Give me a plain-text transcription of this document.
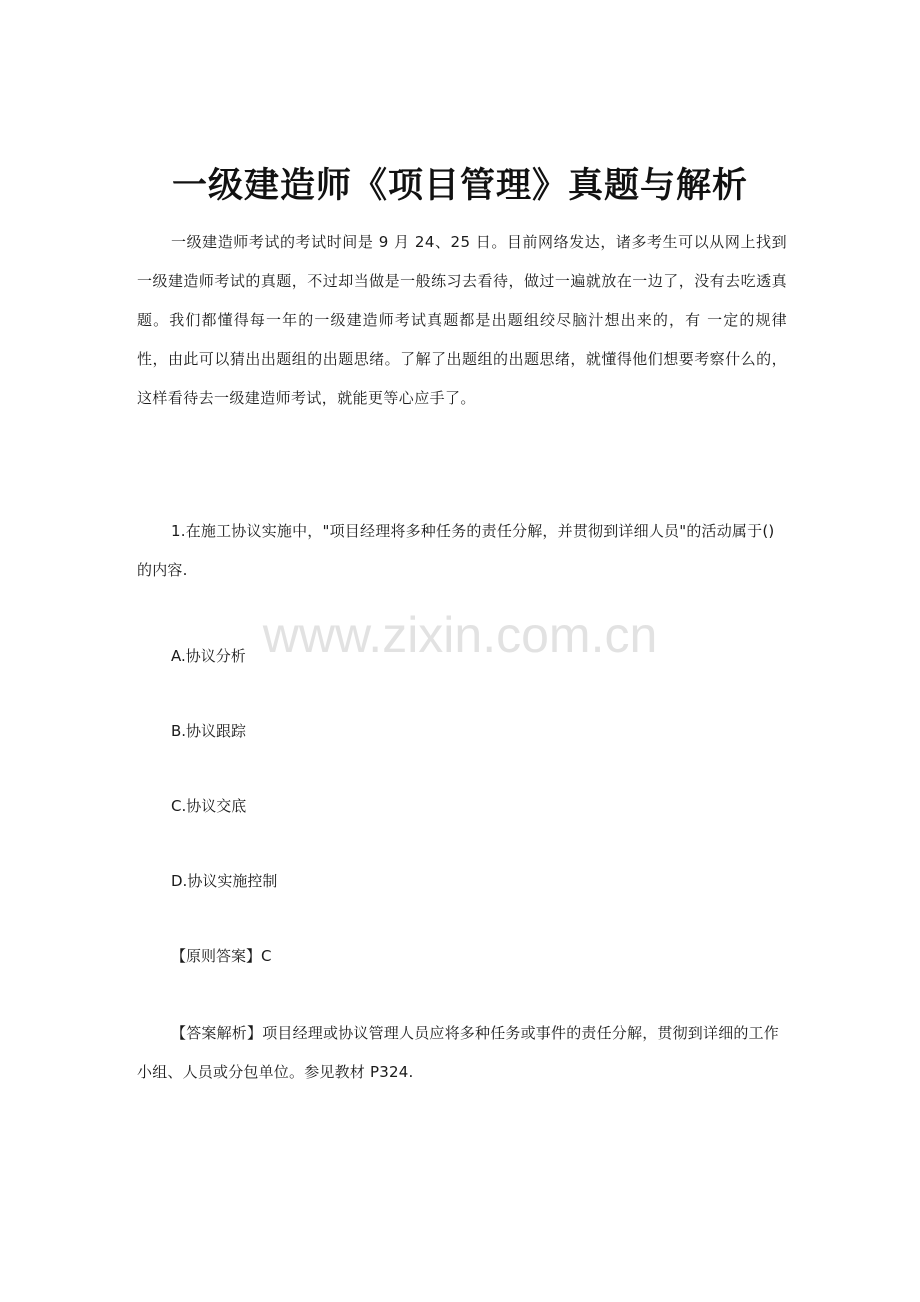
一级建造师《项目管理》真题与解析

一级建造师考试的考试时间是 9 月 24、25 日。目前网络发达，诸多考生可以从网上找到一级建造师考试的真题，不过却当做是一般练习去看待，做过一遍就放在一边了，没有去吃透真题。我们都懂得每一年的一级建造师考试真题都是出题组绞尽脑汁想出来的，有 一定的规律性，由此可以猜出出题组的出题思绪。了解了出题组的出题思绪，就懂得他们想要考察什么的，这样看待去一级建造师考试，就能更等心应手了。

1.在施工协议实施中，"项目经理将多种任务的责任分解，并贯彻到详细人员"的活动属于()的内容.

A.协议分析

B.协议跟踪

C.协议交底

D.协议实施控制

【原则答案】C

【答案解析】项目经理或协议管理人员应将多种任务或事件的责任分解，贯彻到详细的工作小组、人员或分包单位。参见教材 P324.

www.zixin.com.cn
